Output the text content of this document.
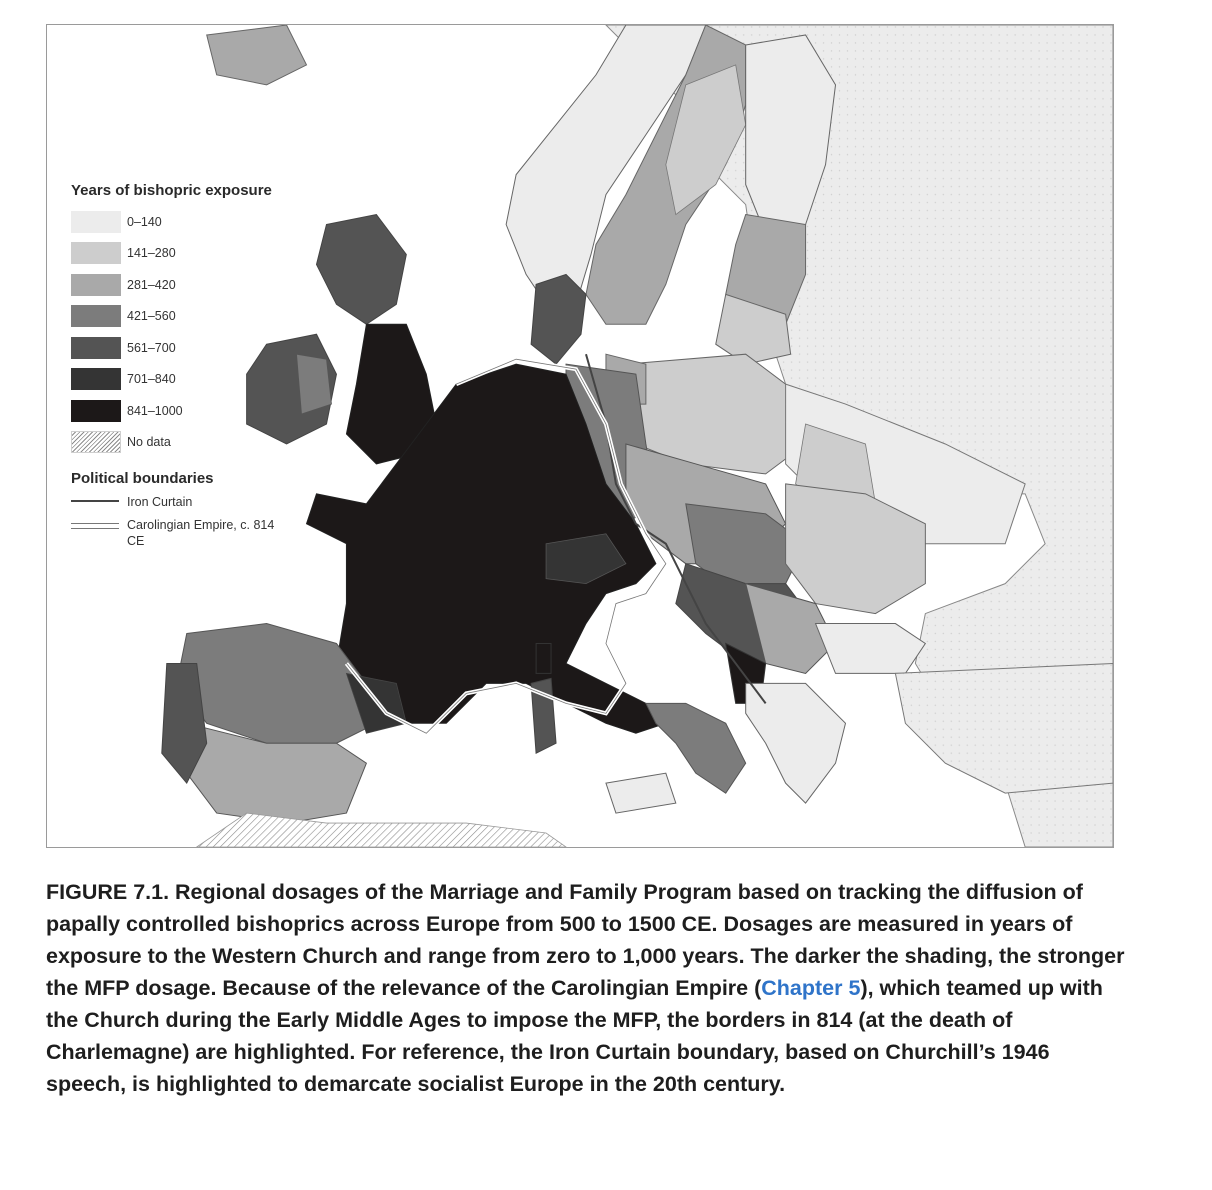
Years of bishopric exposure
0–140
141–280
281–420
421–560
561–700
701–840
841–1000
No data
Political boundaries
Iron Curtain
Carolingian Empire, c. 814 CE
FIGURE 7.1. Regional dosages of the Marriage and Family Program based on tracking the diffusion of papally controlled bishoprics across Europe from 500 to 1500 CE. Dosages are measured in years of exposure to the Western Church and range from zero to 1,000 years. The darker the shading, the stronger the MFP dosage. Because of the relevance of the Carolingian Empire (Chapter 5), which teamed up with the Church during the Early Middle Ages to impose the MFP, the borders in 814 (at the death of Charlemagne) are highlighted. For reference, the Iron Curtain boundary, based on Churchill’s 1946 speech, is highlighted to demarcate socialist Europe in the 20th century.
